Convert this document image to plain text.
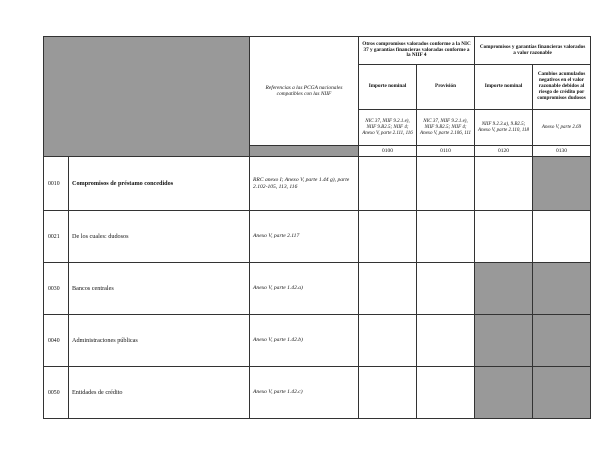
		Referencias a las PCGA nacionales compatibles con las NIIF	Otros compromisos valorados conforme a la NIC 37 y garantías financieras valoradas conforme a la NIIF 4		Compromisos y garantías financieras valorados a valor razonable	
			Importe nominal	Provisión	Importe nominal	Cambios acumulados negativos en el valor razonable debidos al riesgo de crédito por compromisos dudosos
			NIC 37, NIIF 9.2.1.e), NIIF 9.B2.5; NIIF 4; Anexo V, parte 2.111, 116	NIC 37, NIIF 9.2.1.e), NIIF 9.B2.5; NIIF 4; Anexo V, parte 2.106, 111	NIIF 9.2.3.a), 9.B2.5; Anexo V, parte 2.110, 118	Anexo V, parte 2.69
			0100	0110	0120	0130
0010	Compromisos de préstamo concedidos	RRC anexo I; Anexo V, parte 1.44 g), parte 2.102-105, 113, 116				
0021	De los cuales: dudosos	Anexo V, parte 2.117				
0030	Bancos centrales	Anexo V, parte 1.42.a)				
0040	Administraciones públicas	Anexo V, parte 1.42.b)				
0050	Entidades de crédito	Anexo V, parte 1.42.c)				
